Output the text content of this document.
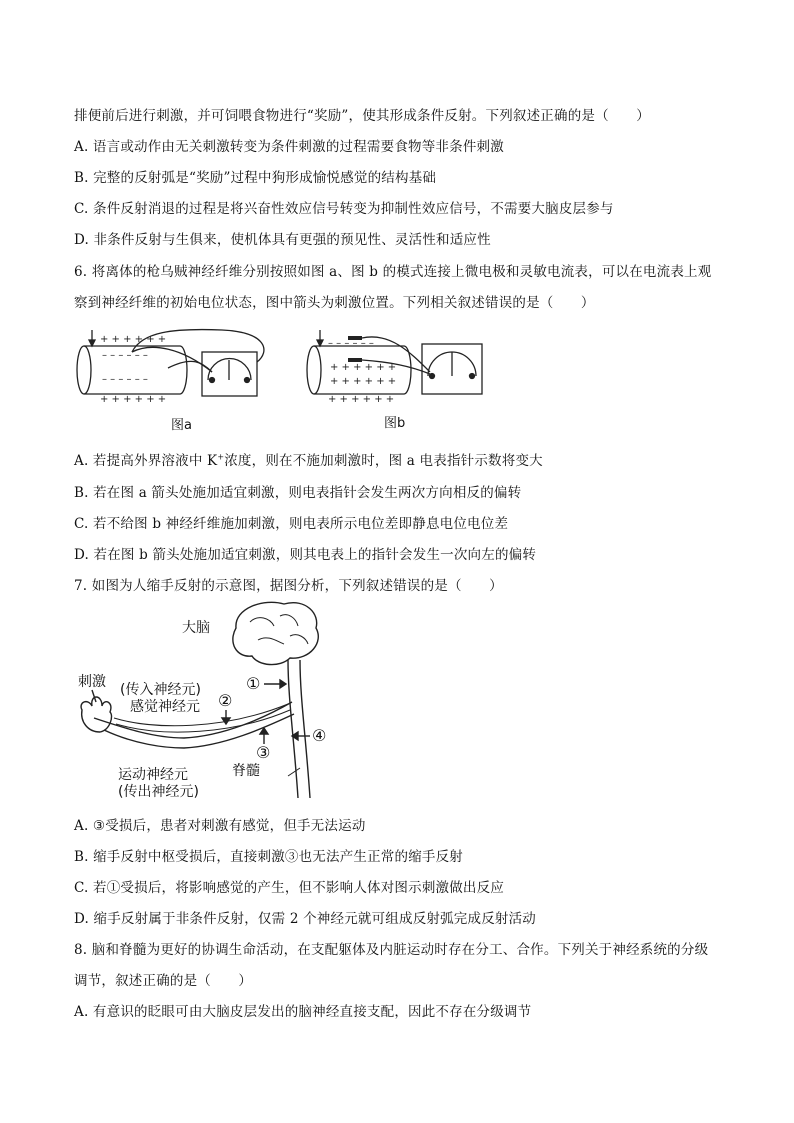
排便前后进行刺激，并可饲喂食物进行“奖励”，使其形成条件反射。下列叙述正确的是（　　）
A. 语言或动作由无关刺激转变为条件刺激的过程需要食物等非条件刺激
B. 完整的反射弧是“奖励”过程中狗形成愉悦感觉的结构基础
C. 条件反射消退的过程是将兴奋性效应信号转变为抑制性效应信号，不需要大脑皮层参与
D. 非条件反射与生俱来，使机体具有更强的预见性、灵活性和适应性
6. 将离体的枪乌贼神经纤维分别按照如图 a、图 b 的模式连接上微电极和灵敏电流表，可以在电流表上观
察到神经纤维的初始电位状态，图中箭头为刺激位置。下列相关叙述错误的是（　　）
+ + + + + +
– – – – – –
– – – – – –
+ + + + + +
图a
– – – – – –
+ + + + + +
+ + + + + +
+ + + + + +
图b
A. 若提高外界溶液中 K+浓度，则在不施加刺激时，图 a 电表指针示数将变大
B. 若在图 a 箭头处施加适宜刺激，则电表指针会发生两次方向相反的偏转
C. 若不给图 b 神经纤维施加刺激，则电表所示电位差即静息电位电位差
D. 若在图 b 箭头处施加适宜刺激，则其电表上的指针会发生一次向左的偏转
7. 如图为人缩手反射的示意图，据图分析，下列叙述错误的是（　　）
大脑
刺激 (传入神经元)
感觉神经元
运动神经元
(传出神经元)
脊髓
①
②
③
④
A. ③受损后，患者对刺激有感觉，但手无法运动
B. 缩手反射中枢受损后，直接刺激③也无法产生正常的缩手反射
C. 若①受损后，将影响感觉的产生，但不影响人体对图示刺激做出反应
D. 缩手反射属于非条件反射，仅需 2 个神经元就可组成反射弧完成反射活动
8. 脑和脊髓为更好的协调生命活动，在支配躯体及内脏运动时存在分工、合作。下列关于神经系统的分级
调节，叙述正确的是（　　）
A. 有意识的眨眼可由大脑皮层发出的脑神经直接支配，因此不存在分级调节
